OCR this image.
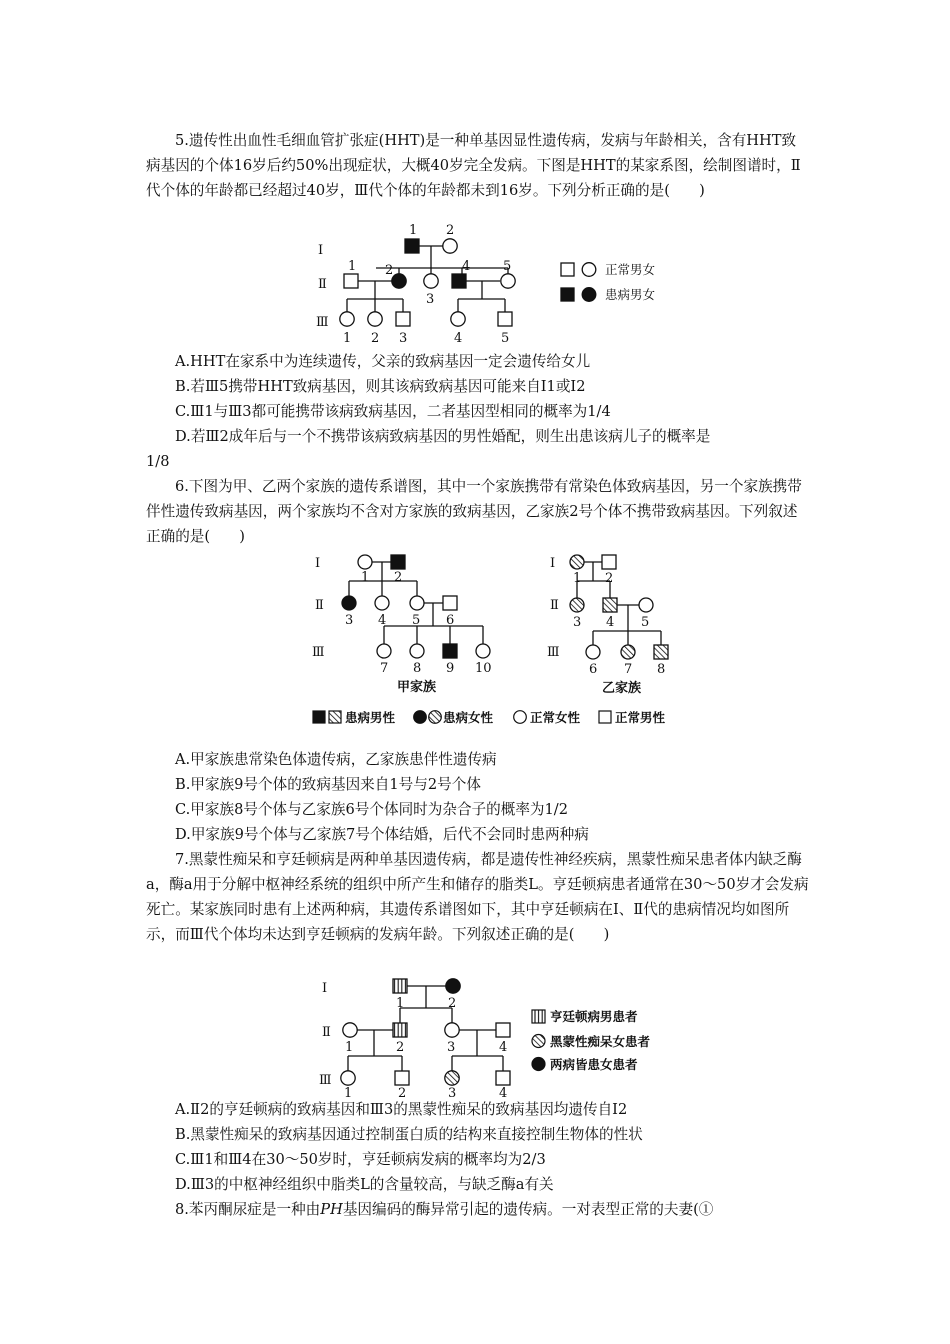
5.遗传性出血性毛细血管扩张症(HHT)是一种单基因显性遗传病，发病与年龄相关，含有HHT致病基因的个体16岁后约50%出现症状，大概40岁完全发病。下图是HHT的某家系图，绘制图谱时，Ⅱ代个体的年龄都已经超过40岁，Ⅲ代个体的年龄都未到16岁。下列分析正确的是(　　)

Ⅰ
Ⅱ
Ⅲ
1 2
1 2
3
4	5
1 2 3	4	5
正常男女
患病男女

A.HHT在家系中为连续遗传，父亲的致病基因一定会遗传给女儿

B.若Ⅲ5携带HHT致病基因，则其该病致病基因可能来自Ⅰ1或Ⅰ2

C.Ⅲ1与Ⅲ3都可能携带该病致病基因，二者基因型相同的概率为1/4

D.若Ⅲ2成年后与一个不携带该病致病基因的男性婚配，则生出患该病儿子的概率是

1/8

6.下图为甲、乙两个家族的遗传系谱图，其中一个家族携带有常染色体致病基因，另一个家族携带伴性遗传致病基因，两个家族均不含对方家族的致病基因，乙家族2号个体不携带致病基因。下列叙述正确的是(　　)

Ⅰ
Ⅱ
Ⅲ
1 2
3 4 5 6
7 8 9 10
甲家族
Ⅰ
Ⅱ
Ⅲ
1 2
3 4 5
6 7 8
乙家族
患病男性	患病女性	正常女性	正常男性

A.甲家族患常染色体遗传病，乙家族患伴性遗传病

B.甲家族9号个体的致病基因来自1号与2号个体

C.甲家族8号个体与乙家族6号个体同时为杂合子的概率为1/2

D.甲家族9号个体与乙家族7号个体结婚，后代不会同时患两种病

7.黑蒙性痴呆和亨廷顿病是两种单基因遗传病，都是遗传性神经疾病，黑蒙性痴呆患者体内缺乏酶a，酶a用于分解中枢神经系统的组织中所产生和储存的脂类L。亨廷顿病患者通常在30～50岁才会发病死亡。某家族同时患有上述两种病，其遗传系谱图如下，其中亨廷顿病在Ⅰ、Ⅱ代的患病情况均如图所示，而Ⅲ代个体均未达到亨廷顿病的发病年龄。下列叙述正确的是(　　)

Ⅰ
Ⅱ
Ⅲ
1	2
1	2	3	4
1	2	3	4
亨廷顿病男患者
黑蒙性痴呆女患者
两病皆患女患者

A.Ⅱ2的亨廷顿病的致病基因和Ⅲ3的黑蒙性痴呆的致病基因均遗传自Ⅰ2

B.黑蒙性痴呆的致病基因通过控制蛋白质的结构来直接控制生物体的性状

C.Ⅲ1和Ⅲ4在30～50岁时，亨廷顿病发病的概率均为2/3

D.Ⅲ3的中枢神经组织中脂类L的含量较高，与缺乏酶a有关

8.苯丙酮尿症是一种由PH基因编码的酶异常引起的遗传病。一对表型正常的夫妻(①
